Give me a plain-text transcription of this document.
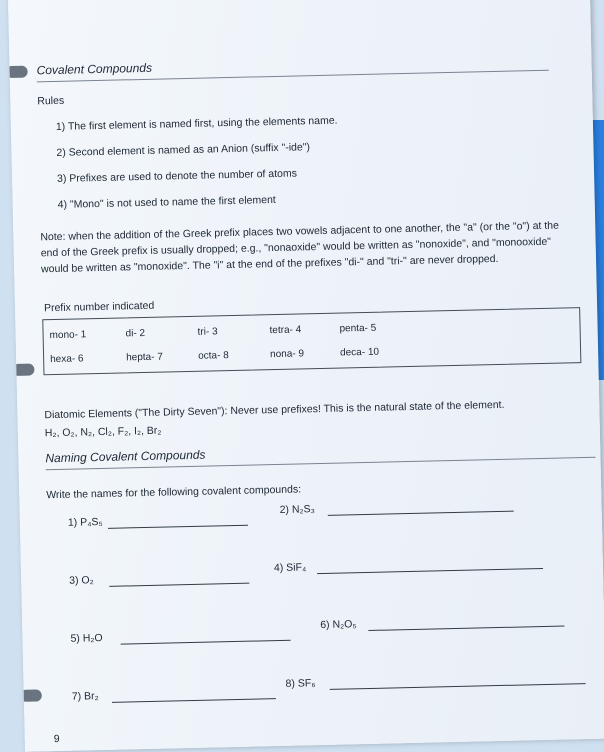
Covalent Compounds
Rules
1) The first element is named first, using the elements name.
2) Second element is named as an Anion (suffix "-ide")
3) Prefixes are used to denote the number of atoms
4) "Mono" is not used to name the first element
Note: when the addition of the Greek prefix places two vowels adjacent to one another, the "a" (or the "o") at the end of the Greek prefix is usually dropped; e.g., "nonaoxide" would be written as "nonoxide", and "monooxide" would be written as "monoxide". The "i" at the end of the prefixes "di-" and "tri-" are never dropped.
Prefix number indicated
mono- 1	di- 2	tri- 3	tetra- 4	penta- 5
hexa- 6	hepta- 7	octa- 8	nona- 9	deca- 10
Diatomic Elements ("The Dirty Seven"): Never use prefixes! This is the natural state of the element.
H₂, O₂, N₂, Cl₂, F₂, I₂, Br₂
Naming Covalent Compounds
Write the names for the following covalent compounds:
1) P₄S₅
2) N₂S₃
3) O₂
4) SiF₄
5) H₂O
6) N₂O₅
7) Br₂
8) SF₆
9
